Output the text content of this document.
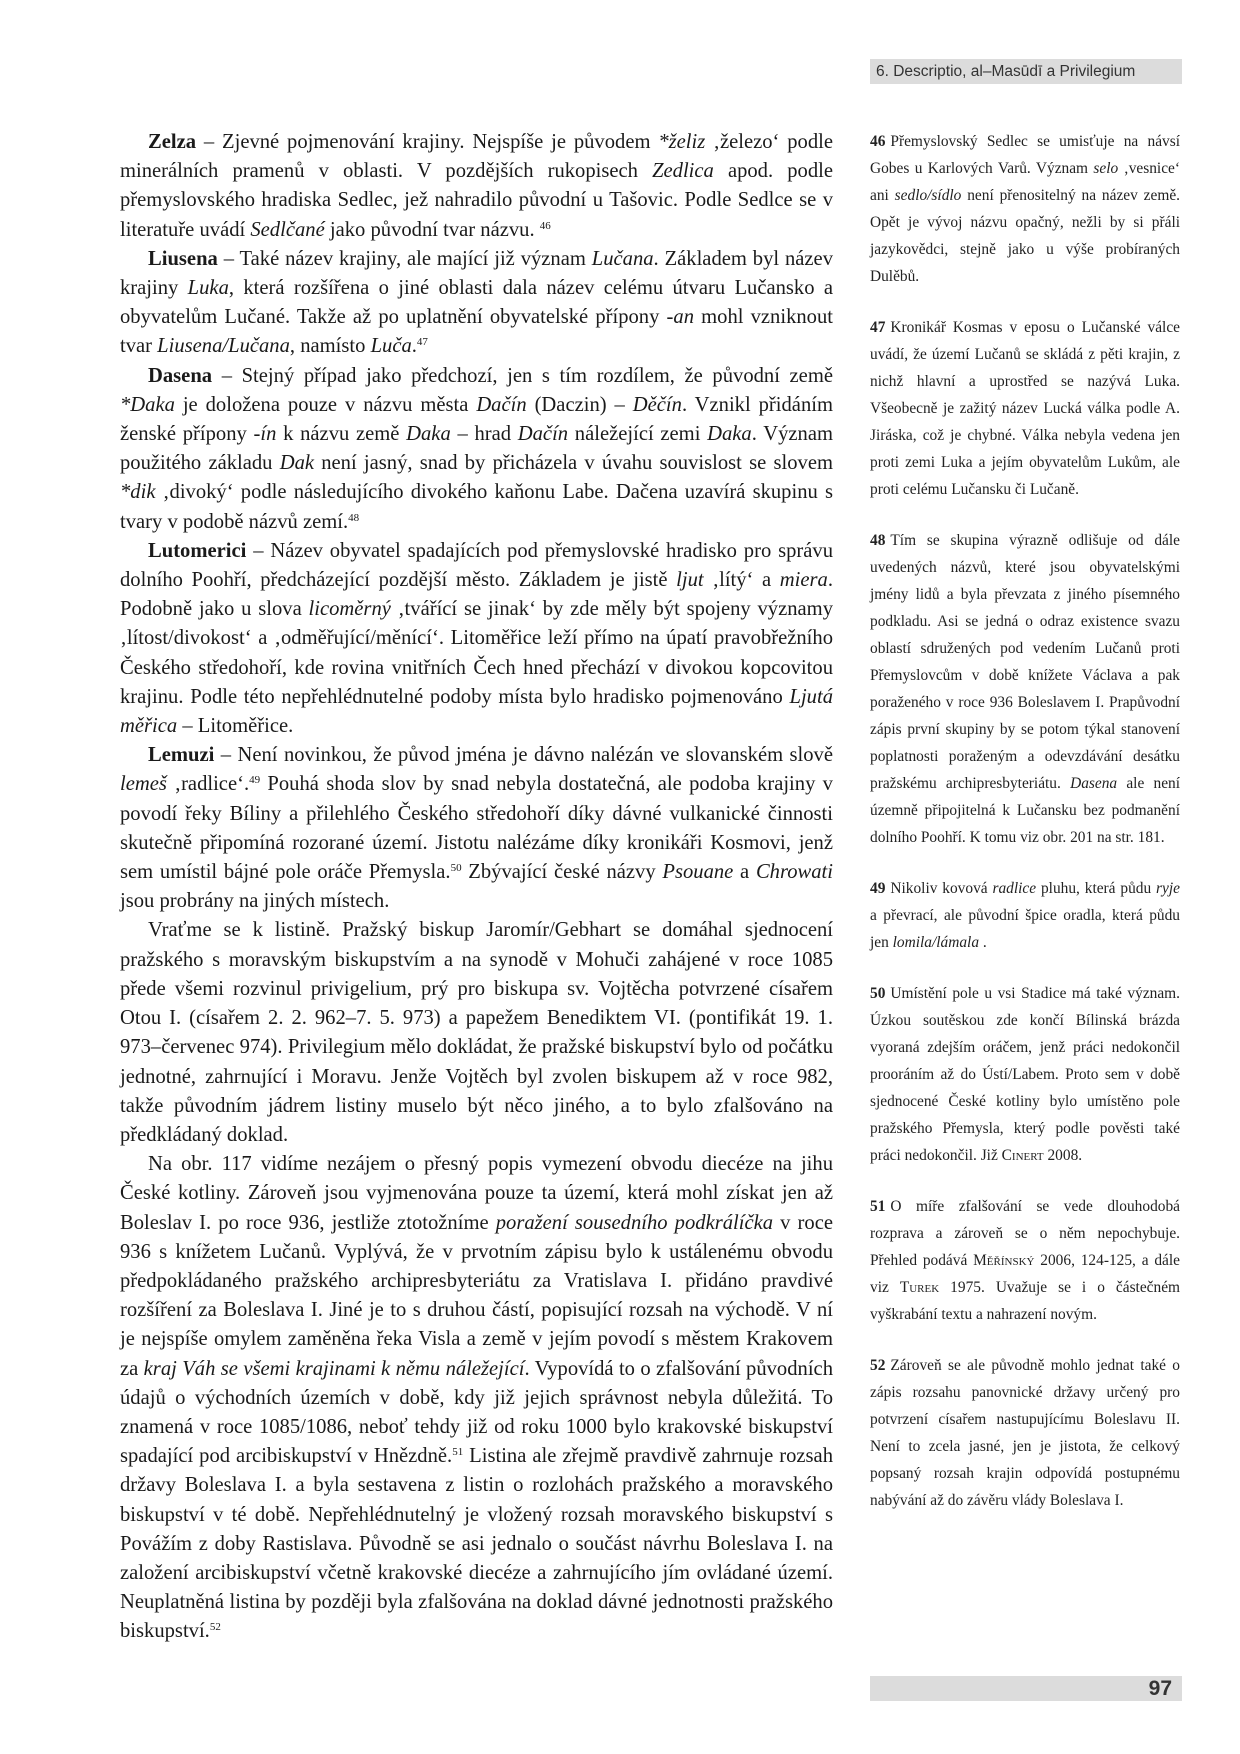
6. Descriptio, al–Masūdī a Privilegium

Zelza – Zjevné pojmenování krajiny. Nejspíše je původem *želiz ‚železo‘ podle minerálních pramenů v oblasti. V pozdějších rukopisech Zedlica apod. podle přemyslovského hradiska Sedlec, jež nahradilo původní u Tašovic. Podle Sedlce se v literatuře uvádí Sedlčané jako původní tvar názvu. $^{46}$

Liusena – Také název krajiny, ale mající již význam Lučana. Základem byl název krajiny Luka, která rozšířena o jiné oblasti dala název celému útvaru Lučansko a obyvatelům Lučané. Takže až po uplatnění obyvatelské přípony -an mohl vzniknout tvar Liusena/Lučana, namísto Luča.$^{47}$

Dasena – Stejný případ jako předchozí, jen s tím rozdílem, že původní země *Daka je doložena pouze v názvu města Dačín (Daczin) – Děčín. Vznikl přidáním ženské přípony -ín k názvu země Daka – hrad Dačín náležející zemi Daka. Význam použitého základu Dak není jasný, snad by přicházela v úvahu souvislost se slovem *dik ‚divoký‘ podle následujícího divokého kaňonu Labe. Dačena uzavírá skupinu s tvary v podobě názvů zemí.$^{48}$

Lutomerici – Název obyvatel spadajících pod přemyslovské hradisko pro správu dolního Poohří, předcházející pozdější město. Základem je jistě ljut ‚lítý‘ a miera. Podobně jako u slova licoměrný ‚tvářící se jinak‘ by zde měly být spojeny významy ‚lítost/divokost‘ a ‚odměřující/měnící‘. Litoměřice leží přímo na úpatí pravobřežního Českého středohoří, kde rovina vnitřních Čech hned přechází v divokou kopcovitou krajinu. Podle této nepřehlédnutelné podoby místa bylo hradisko pojmenováno Ljutá měřica – Litoměřice.

Lemuzi – Není novinkou, že původ jména je dávno nalézán ve slovanském slově lemeš ‚radlice‘.$^{49}$ Pouhá shoda slov by snad nebyla dostatečná, ale podoba krajiny v povodí řeky Bíliny a přilehlého Českého středohoří díky dávné vulkanické činnosti skutečně připomíná rozorané území. Jistotu nalézáme díky kronikáři Kosmovi, jenž sem umístil bájné pole oráče Přemysla.$^{50}$ Zbývající české názvy Psouane a Chrowati jsou probrány na jiných místech.

Vraťme se k listině. Pražský biskup Jaromír/Gebhart se domáhal sjednocení pražského s moravským biskupstvím a na synodě v Mohuči zahájené v roce 1085 přede všemi rozvinul privigelium, prý pro biskupa sv. Vojtěcha potvrzené císařem Otou I. (císařem 2. 2. 962–7. 5. 973) a papežem Benediktem VI. (pontifikát 19. 1. 973–červenec 974). Privilegium mělo dokládat, že pražské biskupství bylo od počátku jednotné, zahrnující i Moravu. Jenže Vojtěch byl zvolen biskupem až v roce 982, takže původním jádrem listiny muselo být něco jiného, a to bylo zfalšováno na předkládaný doklad.

Na obr. 117 vidíme nezájem o přesný popis vymezení obvodu diecéze na jihu České kotliny. Zároveň jsou vyjmenována pouze ta území, která mohl získat jen až Boleslav I. po roce 936, jestliže ztotožníme poražení sousedního podkrálíčka v roce 936 s knížetem Lučanů. Vyplývá, že v prvotním zápisu bylo k ustálenému obvodu předpokládaného pražského archipresbyteriátu za Vratislava I. přidáno pravdivé rozšíření za Boleslava I. Jiné je to s druhou částí, popisující rozsah na východě. V ní je nejspíše omylem zaměněna řeka Visla a země v jejím povodí s městem Krakovem za kraj Váh se všemi krajinami k němu náležející. Vypovídá to o zfalšování původních údajů o východních územích v době, kdy již jejich správnost nebyla důležitá. To znamená v roce 1085/1086, neboť tehdy již od roku 1000 bylo krakovské biskupství spadající pod arcibiskupství v Hnězdně.$^{51}$ Listina ale zřejmě pravdivě zahrnuje rozsah državy Boleslava I. a byla sestavena z listin o rozlohách pražského a moravského biskupství v té době. Nepřehlédnutelný je vložený rozsah moravského biskupství s Povážím z doby Rastislava. Původně se asi jednalo o součást návrhu Boleslava I. na založení arcibiskupství včetně krakovské diecéze a zahrnujícího jím ovládané území. Neuplatněná listina by později byla zfalšována na doklad dávné jednotnosti pražského biskupství.$^{52}$

46 Přemyslovský Sedlec se umisťuje na návsí Gobes u Karlových Varů. Význam selo ‚vesnice‘ ani sedlo/sídlo není přenositelný na název země. Opět je vývoj názvu opačný, nežli by si přáli jazykovědci, stejně jako u výše probíraných Dulěbů.

47 Kronikář Kosmas v eposu o Lučanské válce uvádí, že území Lučanů se skládá z pěti krajin, z nichž hlavní a uprostřed se nazývá Luka. Všeobecně je zažitý název Lucká válka podle A. Jiráska, což je chybné. Válka nebyla vedena jen proti zemi Luka a jejím obyvatelům Lukům, ale proti celému Lučansku či Lučaně.

48 Tím se skupina výrazně odlišuje od dále uvedených názvů, které jsou obyvatelskými jmény lidů a byla převzata z jiného písemného podkladu. Asi se jedná o odraz existence svazu oblastí sdružených pod vedením Lučanů proti Přemyslovcům v době knížete Václava a pak poraženého v roce 936 Boleslavem I. Prapůvodní zápis první skupiny by se potom týkal stanovení poplatnosti poraženým a odevzdávání desátku pražskému archipresbyteriátu. Dasena ale není územně připojitelná k Lučansku bez podmanění dolního Poohří. K tomu viz obr. 201 na str. 181.

49 Nikoliv kovová radlice pluhu, která půdu ryje a převrací, ale původní špice oradla, která půdu jen lomila/lámala .

50 Umístění pole u vsi Stadice má také význam. Úzkou soutěskou zde končí Bílinská brázda vyoraná zdejším oráčem, jenž práci nedokončil prooráním až do Ústí/Labem. Proto sem v době sjednocené České kotliny bylo umístěno pole pražského Přemysla, který podle pověsti také práci nedokončil. Již Cinert 2008.

51 O míře zfalšování se vede dlouhodobá rozprava a zároveň se o něm nepochybuje. Přehled podává Měřínský 2006, 124-125, a dále viz Turek 1975. Uvažuje se i o částečném vyškrabání textu a nahrazení novým.

52 Zároveň se ale původně mohlo jednat také o zápis rozsahu panovnické državy určený pro potvrzení císařem nastupujícímu Boleslavu II. Není to zcela jasné, jen je jistota, že celkový popsaný rozsah krajin odpovídá postupnému nabývání až do závěru vlády Boleslava I.

97
